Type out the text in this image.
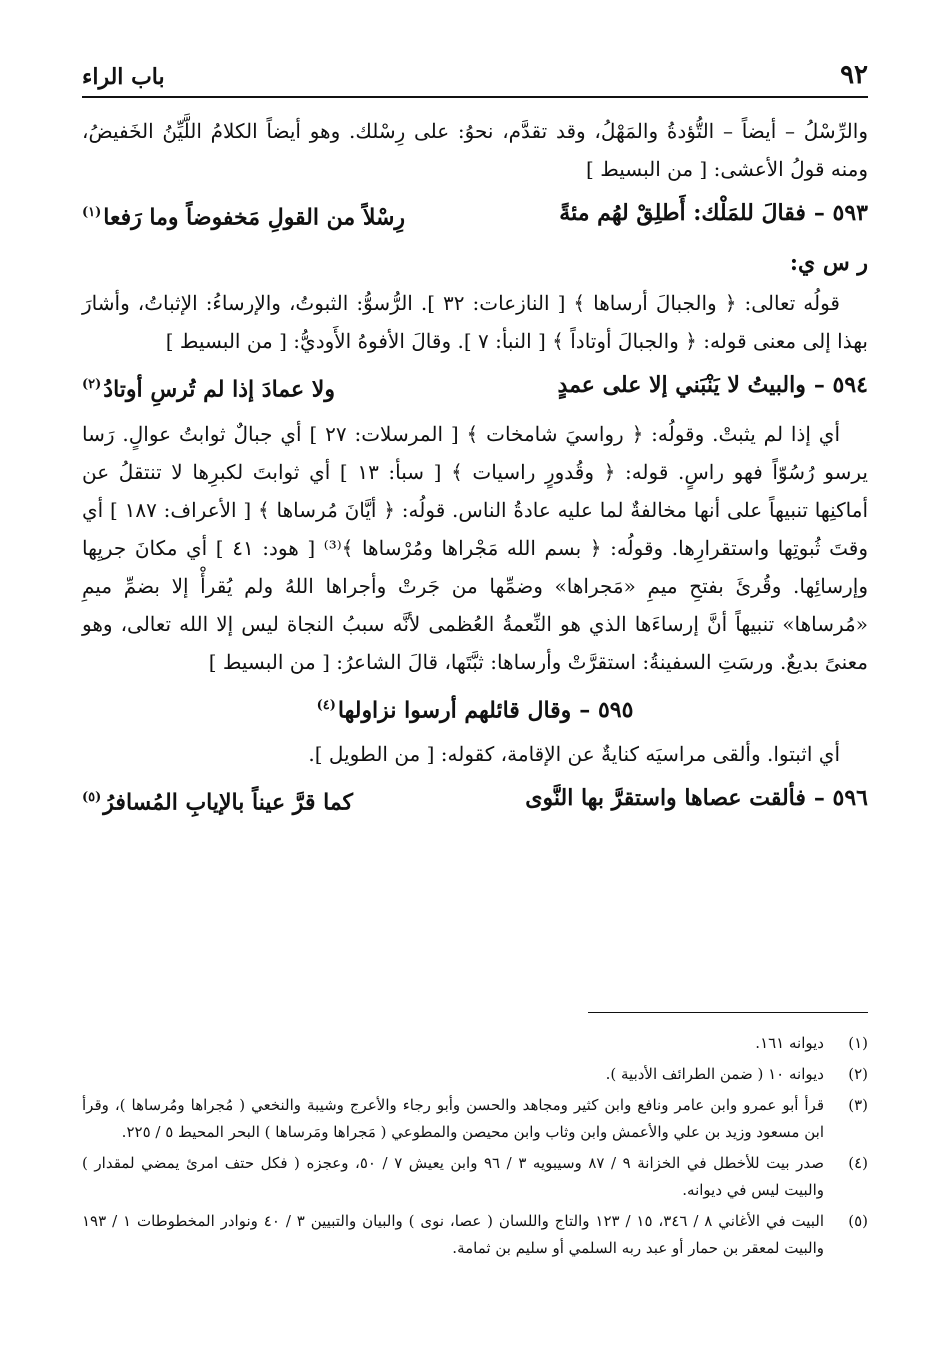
٩٢
باب الراء

والرِّسْلُ – أيضاً – التُّؤدةُ والمَهْلُ، وقد تقدَّم، نحوُ: على رِسْلك. وهو أيضاً الكلامُ اللَّيِّنُ الخَفيضُ، ومنه قولُ الأعشى: [ من البسيط ]

٥٩٣ –فقالَ للمَلْك: أَطلِقْ لهُم مئةً
رِسْلاً من القولِ مَخفوضاً وما رَفعا$^{(١)}$

ر س ي:

قولُه تعالى: ﴿ والجبالَ أرساها ﴾ [ النازعات: ٣٢ ]. الرُّسوُّ: الثبوتُ، والإرساءُ: الإثباتُ، وأشارَ بهذا إلى معنى قوله: ﴿ والجبالَ أوتاداً ﴾ [ النبأ: ٧ ]. وقالَ الأفوهُ الأَوديُّ: [ من البسيط ]

٥٩٤ –والبيتُ لا يَنْبَني إلا على عمدٍ
ولا عمادَ إذا لم تُرسِ أوتادُ$^{(٢)}$

أي إذا لم يثبتْ. وقولُه: ﴿ رواسيَ شامخات ﴾ [ المرسلات: ٢٧ ] أي جبالٌ ثوابتُ عوالٍ. رَسا يرسو رُسُوّاً فهو راسٍ. قوله: ﴿ وقُدورٍ راسيات ﴾ [ سبأ: ١٣ ] أي ثوابتَ لكبرِها لا تنتقلُ عن أماكنِها تنبيهاً على أنها مخالفةٌ لما عليه عادةُ الناس. قولُه: ﴿ أيَّانَ مُرساها ﴾ [ الأعراف: ١٨٧ ] أي وقتَ ثُبوتِها واستقرارِها. وقولُه: ﴿ بسم الله مَجْراها ومُرْساها ﴾⁽³⁾ [ هود: ٤١ ] أي مكانَ جريِها وإرسائِها. وقُرئَ بفتحِ ميمِ «مَجراها» وضمِّها من جَرتْ وأجراها اللهُ ولم يُقرأْ إلا بضمِّ ميمِ «مُرساها» تنبيهاً أنَّ إرساءَها الذي هو النِّعمةُ العُظمى لأنَّه سببُ النجاة ليس إلا الله تعالى، وهو معنىً بديعٌ. ورسَتِ السفينةُ: استقرَّتْ وأرساها: ثبَّتَها، قالَ الشاعرُ: [ من البسيط ]

٥٩٥ –وقال قائلهم أرسوا نزاولها$^{(٤)}$

أي اثبتوا. وألقى مراسيَه كنايةٌ عن الإقامة، كقوله: [ من الطويل ].

٥٩٦ –فألقت عصاها واستقرَّ بها النَّوى
كما قرَّ عيناً بالإيابِ المُسافرُ$^{(٥)}$
(١)
ديوانه ١٦١.
(٢)
ديوانه ١٠ ( ضمن الطرائف الأدبية ).
(٣)
قرأ أبو عمرو وابن عامر ونافع وابن كثير ومجاهد والحسن وأبو رجاء والأعرج وشيبة والنخعي ( مُجراها ومُرساها )، وقرأ ابن مسعود وزيد بن علي والأعمش وابن وثاب وابن محيصن والمطوعي ( مَجراها ومَرساها ) البحر المحيط ٥ / ٢٢٥.
(٤)
صدر بيت للأخطل في الخزانة ٩ / ٨٧ وسيبويه ٣ / ٩٦ وابن يعيش ٧ / ٥٠، وعجزه ( فكل حتف امرئ يمضي لمقدار ) والبيت ليس في ديوانه.
(٥)
البيت في الأغاني ٨ / ٣٤٦، ١٥ / ١٢٣ والتاج واللسان ( عصا، نوى ) والبيان والتبيين ٣ / ٤٠ ونوادر المخطوطات ١ / ١٩٣ والبيت لمعقر بن حمار أو عبد ربه السلمي أو سليم بن ثمامة.
